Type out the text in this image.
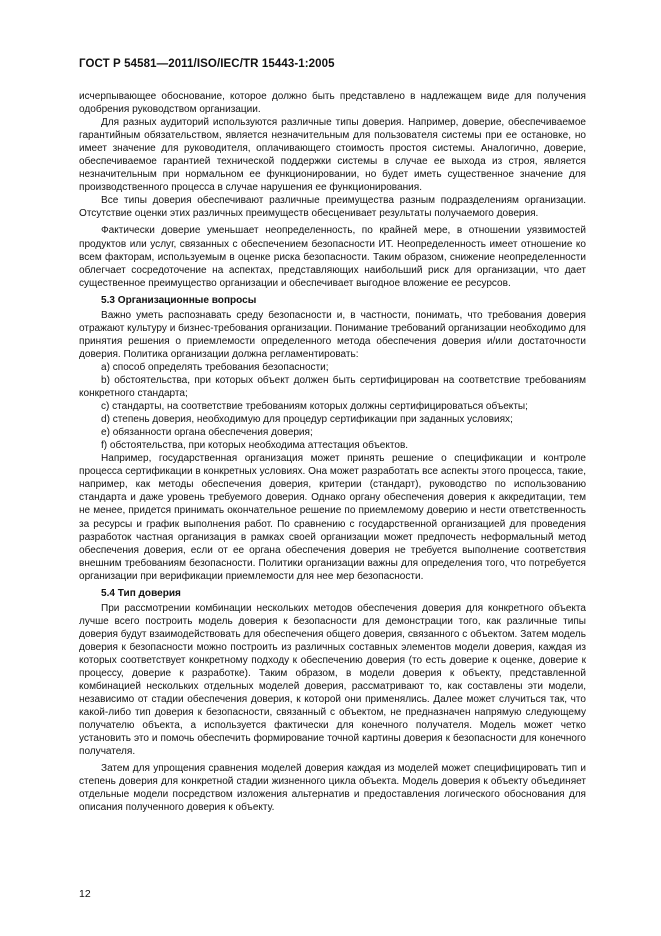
ГОСТ Р 54581—2011/ISO/IEC/TR 15443-1:2005

исчерпывающее обоснование, которое должно быть представлено в надлежащем виде для получения одобрения руководством организации.

Для разных аудиторий используются различные типы доверия. Например, доверие, обеспечиваемое гарантийным обязательством, является незначительным для пользователя системы при ее остановке, но имеет значение для руководителя, оплачивающего стоимость простоя системы. Аналогично, доверие, обеспечиваемое гарантией технической поддержки системы в случае ее выхода из строя, является незначительным при нормальном ее функционировании, но будет иметь существенное значение для производственного процесса в случае нарушения ее функционирования.

Все типы доверия обеспечивают различные преимущества разным подразделениям организации. Отсутствие оценки этих различных преимуществ обесценивает результаты получаемого доверия.

Фактически доверие уменьшает неопределенность, по крайней мере, в отношении уязвимостей продуктов или услуг, связанных с обеспечением безопасности ИТ. Неопределенность имеет отношение ко всем факторам, используемым в оценке риска безопасности. Таким образом, снижение неопределенности облегчает сосредоточение на аспектах, представляющих наибольший риск для организации, что дает существенное преимущество организации и обеспечивает выгодное вложение ее ресурсов.

5.3 Организационные вопросы

Важно уметь распознавать среду безопасности и, в частности, понимать, что требования доверия отражают культуру и бизнес-требования организации. Понимание требований организации необходимо для принятия решения о приемлемости определенного метода обеспечения доверия и/или достаточности доверия. Политика организации должна регламентировать:

a) способ определять требования безопасности;

b) обстоятельства, при которых объект должен быть сертифицирован на соответствие требованиям конкретного стандарта;

c) стандарты, на соответствие требованиям которых должны сертифицироваться объекты;

d) степень доверия, необходимую для процедур сертификации при заданных условиях;

e) обязанности органа обеспечения доверия;

f) обстоятельства, при которых необходима аттестация объектов.

Например, государственная организация может принять решение о спецификации и контроле процесса сертификации в конкретных условиях. Она может разработать все аспекты этого процесса, такие, например, как методы обеспечения доверия, критерии (стандарт), руководство по использованию стандарта и даже уровень требуемого доверия. Однако органу обеспечения доверия к аккредитации, тем не менее, придется принимать окончательное решение по приемлемому доверию и нести ответственность за ресурсы и график выполнения работ. По сравнению с государственной организацией для проведения разработок частная организация в рамках своей организации может предпочесть неформальный метод обеспечения доверия, если от ее органа обеспечения доверия не требуется выполнение соответствия внешним требованиям безопасности. Политики организации важны для определения того, что потребуется организации при верификации приемлемости для нее мер безопасности.

5.4 Тип доверия

При рассмотрении комбинации нескольких методов обеспечения доверия для конкретного объекта лучше всего построить модель доверия к безопасности для демонстрации того, как различные типы доверия будут взаимодействовать для обеспечения общего доверия, связанного с объектом. Затем модель доверия к безопасности можно построить из различных составных элементов модели доверия, каждая из которых соответствует конкретному подходу к обеспечению доверия (то есть доверие к оценке, доверие к процессу, доверие к разработке). Таким образом, в модели доверия к объекту, представленной комбинацией нескольких отдельных моделей доверия, рассматривают то, как составлены эти модели, независимо от стадии обеспечения доверия, к которой они применялись. Далее может случиться так, что какой-либо тип доверия к безопасности, связанный с объектом, не предназначен напрямую следующему получателю объекта, а используется фактически для конечного получателя. Модель может четко установить это и помочь обеспечить формирование точной картины доверия к безопасности для конечного получателя.

Затем для упрощения сравнения моделей доверия каждая из моделей может специфицировать тип и степень доверия для конкретной стадии жизненного цикла объекта. Модель доверия к объекту объединяет отдельные модели посредством изложения альтернатив и предоставления логического обоснования для описания полученного доверия к объекту.

12
